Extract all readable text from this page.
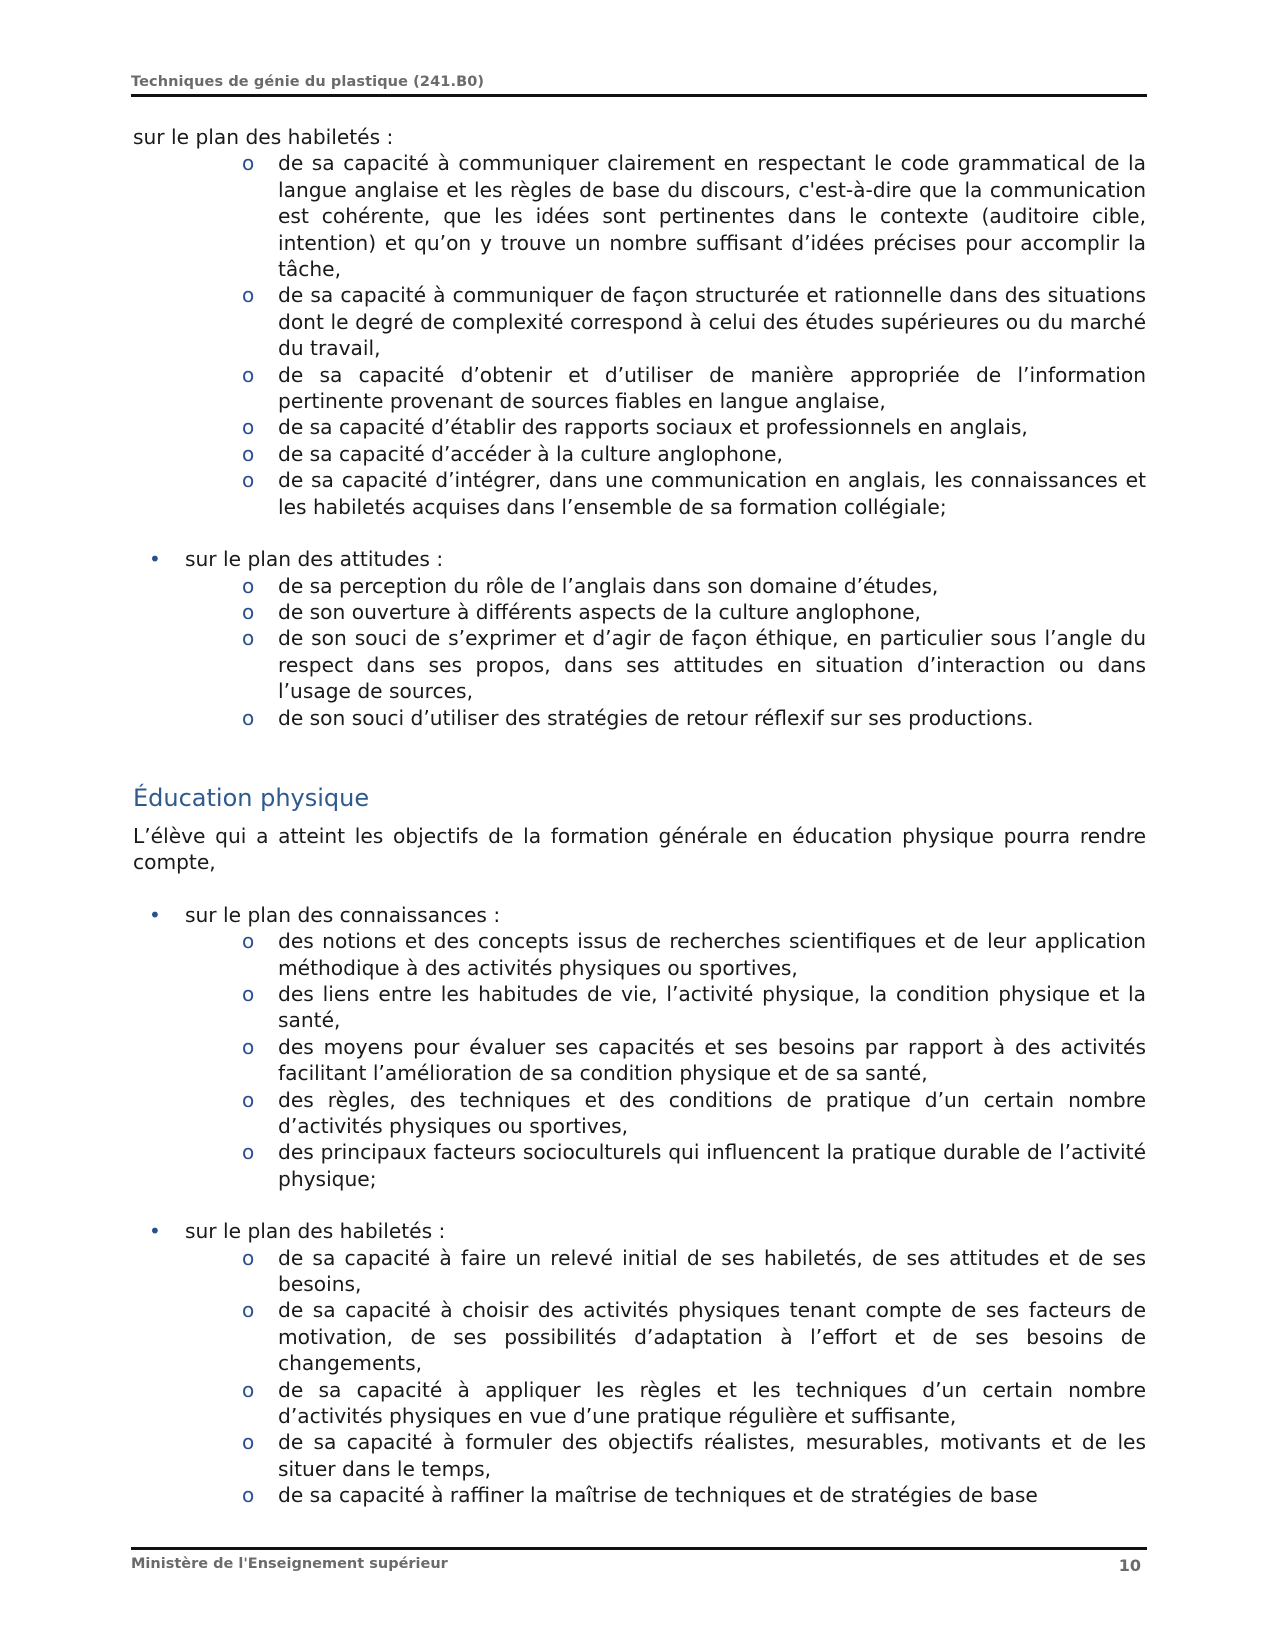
Techniques de génie du plastique (241.B0)

sur le plan des habiletés :

o de sa capacité à communiquer clairement en respectant le code grammatical de la langue anglaise et les règles de base du discours, c'est-à-dire que la communication est cohérente, que les idées sont pertinentes dans le contexte (auditoire cible, intention) et qu’on y trouve un nombre suffisant d’idées précises pour accomplir la tâche,
o de sa capacité à communiquer de façon structurée et rationnelle dans des situations dont le degré de complexité correspond à celui des études supérieures ou du marché du travail,
o de sa capacité d’obtenir et d’utiliser de manière appropriée de l’information pertinente provenant de sources fiables en langue anglaise,
o de sa capacité d’établir des rapports sociaux et professionnels en anglais,
o de sa capacité d’accéder à la culture anglophone,
o de sa capacité d’intégrer, dans une communication en anglais, les connaissances et les habiletés acquises dans l’ensemble de sa formation collégiale;
• sur le plan des attitudes :

o de sa perception du rôle de l’anglais dans son domaine d’études,
o de son ouverture à différents aspects de la culture anglophone,
o de son souci de s’exprimer et d’agir de façon éthique, en particulier sous l’angle du respect dans ses propos, dans ses attitudes en situation d’interaction ou dans l’usage de sources,
o de son souci d’utiliser des stratégies de retour réflexif sur ses productions.
Éducation physique

L’élève qui a atteint les objectifs de la formation générale en éducation physique pourra rendre compte,

• sur le plan des connaissances :

o des notions et des concepts issus de recherches scientifiques et de leur application méthodique à des activités physiques ou sportives,
o des liens entre les habitudes de vie, l’activité physique, la condition physique et la santé,
o des moyens pour évaluer ses capacités et ses besoins par rapport à des activités facilitant l’amélioration de sa condition physique et de sa santé,
o des règles, des techniques et des conditions de pratique d’un certain nombre d’activités physiques ou sportives,
o des principaux facteurs socioculturels qui influencent la pratique durable de l’activité physique;
• sur le plan des habiletés :

o de sa capacité à faire un relevé initial de ses habiletés, de ses attitudes et de ses besoins,
o de sa capacité à choisir des activités physiques tenant compte de ses facteurs de motivation, de ses possibilités d’adaptation à l’effort et de ses besoins de changements,
o de sa capacité à appliquer les règles et les techniques d’un certain nombre d’activités physiques en vue d’une pratique régulière et suffisante,
o de sa capacité à formuler des objectifs réalistes, mesurables, motivants et de les situer dans le temps,
o de sa capacité à raffiner la maîtrise de techniques et de stratégies de base
Ministère de l'Enseignement supérieur	10
